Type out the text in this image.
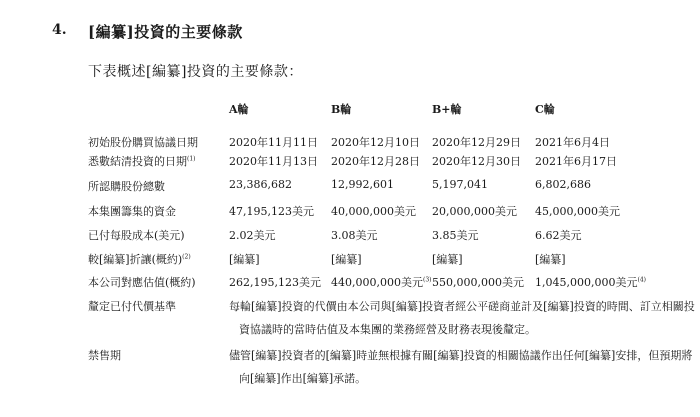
4. [編纂]投資的主要條款
下表概述[編纂]投資的主要條款：
A輪	B輪	B+輪	C輪
初始股份購買協議日期	2020年11月11日 2020年12月10日 2020年12月29日 2021年6月4日
悉數結清投資的日期$^{(1)}$	2020年11月13日 2020年12月28日 2020年12月30日 2021年6月17日
所認購股份總數	23,386,682	12,992,601	5,197,041	6,802,686
本集團籌集的資金	47,195,123美元 40,000,000美元 20,000,000美元 45,000,000美元
已付每股成本(美元)	2.02美元	3.08美元	3.85美元	6.62美元
較[編纂]折讓(概約)$^{(2)}$	[編纂]	[編纂]	[編纂]	[編纂]
本公司對應估值(概約)	262,195,123美元 440,000,000美元$^{(3)}$ 550,000,000美元 1,045,000,000美元$^{(4)}$
釐定已付代價基準	每輪[編纂]投資的代價由本公司與[編纂]投資者經公平磋商並計及[編纂]投資的時間、訂立相關投
資協議時的當時估值及本集團的業務經營及財務表現後釐定。
禁售期	儘管[編纂]投資者的[編纂]時並無根據有關[編纂]投資的相關協議作出任何[編纂]安排，但預期將
向[編纂]作出[編纂]承諾。
